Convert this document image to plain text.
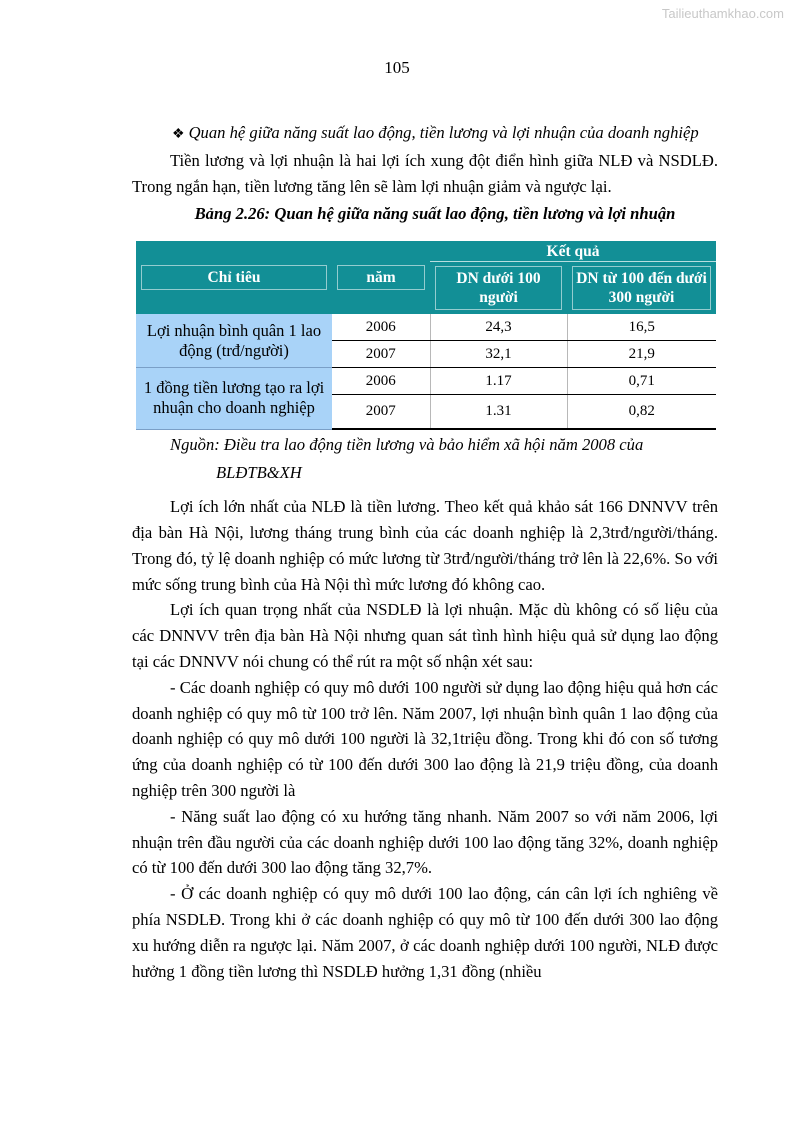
Tailieuthamkhao.com
105

❖ Quan hệ giữa năng suất lao động, tiền lương và lợi nhuận của doanh nghiệp

Tiền lương và lợi nhuận là hai lợi ích xung đột điển hình giữa NLĐ và NSDLĐ. Trong ngắn hạn, tiền lương tăng lên sẽ làm lợi nhuận giảm và ngược lại.

Bảng 2.26: Quan hệ giữa năng suất lao động, tiền lương và lợi nhuận

Chỉ tiêu	năm	Kết quả	

		DN dưới 100 người	DN từ 100 đến dưới 300 người

Lợi nhuận bình quân 1 lao động (trđ/người)	2006	24,3	16,5
	2007	32,1	21,9
1 đồng tiền lương tạo ra lợi nhuận cho doanh nghiệp	2006	1.17	0,71
	2007	1.31	0,82

Nguồn: Điều tra lao động tiền lương và bảo hiểm xã hội năm 2008 của

BLĐTB&XH

Lợi ích lớn nhất của NLĐ là tiền lương. Theo kết quả khảo sát 166 DNNVV trên địa bàn Hà Nội, lương tháng trung bình của các doanh nghiệp là 2,3trđ/người/tháng. Trong đó, tỷ lệ doanh nghiệp có mức lương từ 3trđ/người/tháng trở lên là 22,6%. So với mức sống trung bình của Hà Nội thì mức lương đó không cao.

Lợi ích quan trọng nhất của NSDLĐ là lợi nhuận. Mặc dù không có số liệu của các DNNVV trên địa bàn Hà Nội nhưng quan sát tình hình hiệu quả sử dụng lao động tại các DNNVV nói chung có thể rút ra một số nhận xét sau:

- Các doanh nghiệp có quy mô dưới 100 người sử dụng lao động hiệu quả hơn các doanh nghiệp có quy mô từ 100 trở lên. Năm 2007, lợi nhuận bình quân 1 lao động của doanh nghiệp có quy mô dưới 100 người là 32,1triệu đồng. Trong khi đó con số tương ứng của doanh nghiệp có từ 100 đến dưới 300 lao động là 21,9 triệu đồng, của doanh nghiệp trên 300 người là

- Năng suất lao động có xu hướng tăng nhanh. Năm 2007 so với năm 2006, lợi nhuận trên đầu người của các doanh nghiệp dưới 100 lao động tăng 32%, doanh nghiệp có từ 100 đến dưới 300 lao động tăng 32,7%.

- Ở các doanh nghiệp có quy mô dưới 100 lao động, cán cân lợi ích nghiêng về phía NSDLĐ. Trong khi ở các doanh nghiệp có quy mô từ 100 đến dưới 300 lao động xu hướng diễn ra ngược lại. Năm 2007, ở các doanh nghiệp dưới 100 người, NLĐ được hưởng 1 đồng tiền lương thì NSDLĐ hưởng 1,31 đồng (nhiều
